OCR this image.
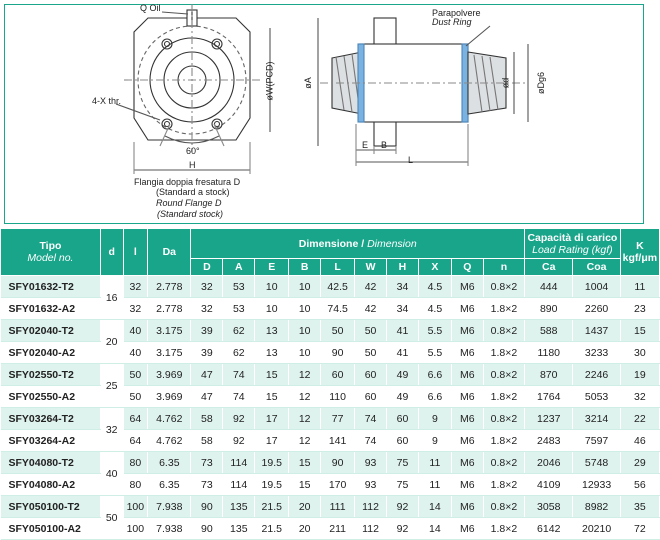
Q Oil
4-X thr.
øW(PCD)
60°
H
Flangia doppia fresatura D
(Standard a stock)
Round Flange D
(Standard stock)
øA
E B
L
ød	øDg6
Parapolvere
Dust Ring
Tipo
Model no.	d	l	Da	Dimensione / Dimension										Capacità di carico
Load Rating (kgf)		K
kgf/μm
				D	A	E	B	L	W	H	X	Q	n	Ca	Coa	
SFY01632-T2	16	32	2.778	32	53	10	10	42.5	42	34	4.5	M6	0.8×2	444	1004	11
SFY01632-A2		32	2.778	32	53	10	10	74.5	42	34	4.5	M6	1.8×2	890	2260	23
SFY02040-T2	20	40	3.175	39	62	13	10	50	50	41	5.5	M6	0.8×2	588	1437	15
SFY02040-A2		40	3.175	39	62	13	10	90	50	41	5.5	M6	1.8×2	1180	3233	30
SFY02550-T2	25	50	3.969	47	74	15	12	60	60	49	6.6	M6	0.8×2	870	2246	19
SFY02550-A2		50	3.969	47	74	15	12	110	60	49	6.6	M6	1.8×2	1764	5053	32
SFY03264-T2	32	64	4.762	58	92	17	12	77	74	60	9	M6	0.8×2	1237	3214	22
SFY03264-A2		64	4.762	58	92	17	12	141	74	60	9	M6	1.8×2	2483	7597	46
SFY04080-T2	40	80	6.35	73	114	19.5	15	90	93	75	11	M6	0.8×2	2046	5748	29
SFY04080-A2		80	6.35	73	114	19.5	15	170	93	75	11	M6	1.8×2	4109	12933	56
SFY050100-T2	50	100	7.938	90	135	21.5	20	111	112	92	14	M6	0.8×2	3058	8982	35
SFY050100-A2		100	7.938	90	135	21.5	20	211	112	92	14	M6	1.8×2	6142	20210	72
